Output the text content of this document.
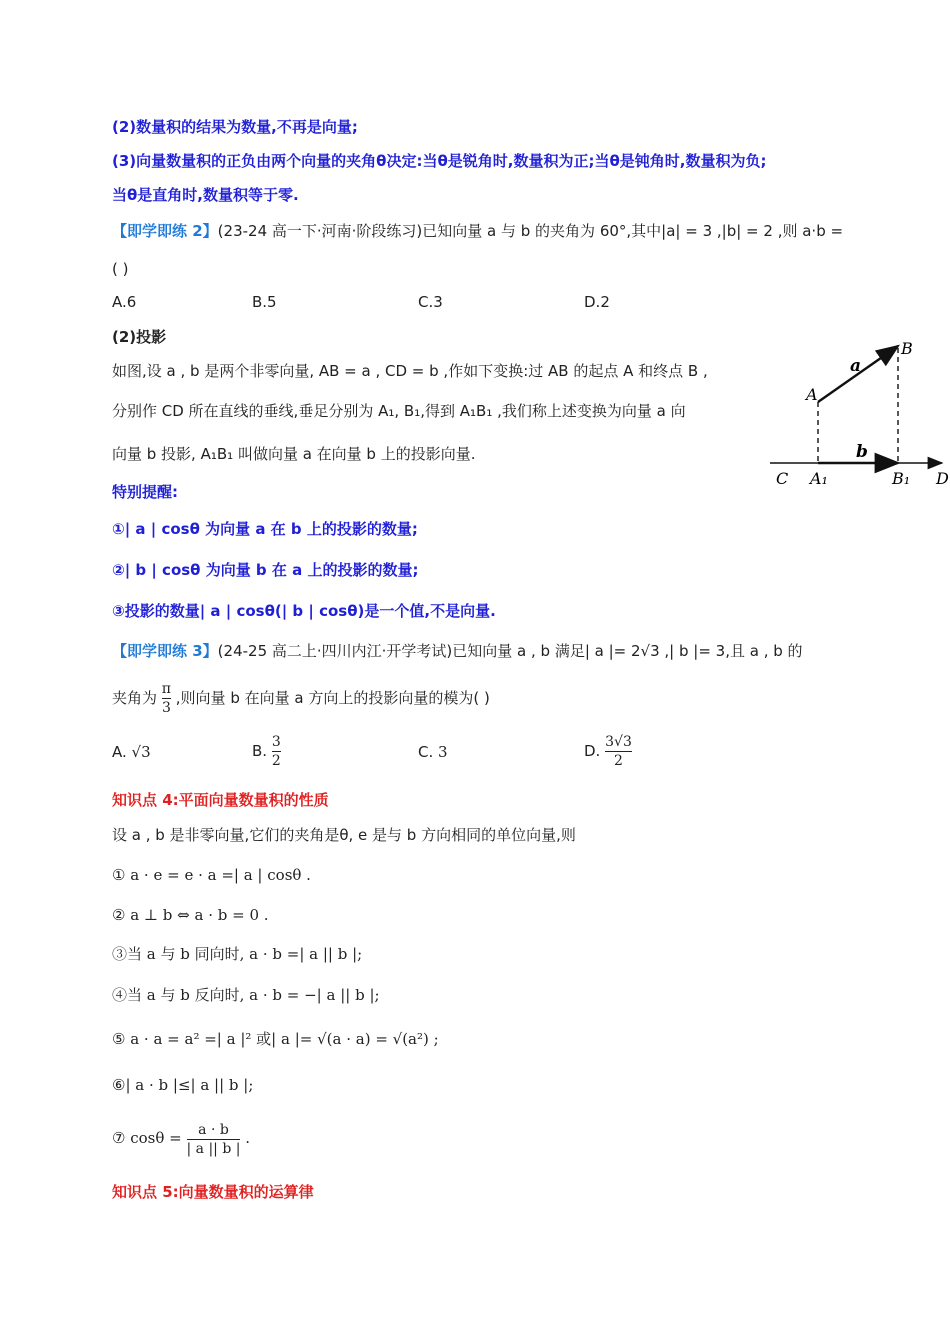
(2)数量积的结果为数量,不再是向量;
(3)向量数量积的正负由两个向量的夹角θ决定:当θ是锐角时,数量积为正;当θ是钝角时,数量积为负;
当θ是直角时,数量积等于零.
【即学即练 2】(23-24 高一下·河南·阶段练习)已知向量 a 与 b 的夹角为 60°,其中|a| = 3 ,|b| = 2 ,则 a·b =
( )
A.6	B.5	C.3	D.2
(2)投影
如图,设 a , b 是两个非零向量, AB = a , CD = b ,作如下变换:过 AB 的起点 A 和终点 B ,
分别作 CD 所在直线的垂线,垂足分别为 A₁, B₁,得到 A₁B₁ ,我们称上述变换为向量 a 向
向量 b 投影, A₁B₁ 叫做向量 a 在向量 b 上的投影向量.
a
b
A
B
C	D
A₁	B₁
特别提醒:
①| a | cosθ 为向量 a 在 b 上的投影的数量;
②| b | cosθ 为向量 b 在 a 上的投影的数量;
③投影的数量| a | cosθ(| b | cosθ)是一个值,不是向量.
【即学即练 3】(24-25 高二上·四川内江·开学考试)已知向量 a , b 满足| a |= 2√3 ,| b |= 3,且 a , b 的
夹角为 $\frac{\pi}{3}$ ,则向量 b 在向量 a 方向上的投影向量的模为( )
A. √3	B. $\frac{3}{2}$	C. 3	D. $\frac{3√3}{2}$
知识点 4:平面向量数量积的性质
设 a , b 是非零向量,它们的夹角是θ, e 是与 b 方向相同的单位向量,则
① a · e = e · a =| a | cosθ .
② a ⊥ b ⇔ a · b = 0 .
③当 a 与 b 同向时, a · b =| a || b |;
④当 a 与 b 反向时, a · b = −| a || b |;
⑤ a · a = a² =| a |² 或| a |= √(a · a) = √(a²) ;
⑥| a · b |≤| a || b |;
⑦ $\cos\theta = \frac{a \cdot b}{| a || b |}$ .
知识点 5:向量数量积的运算律
